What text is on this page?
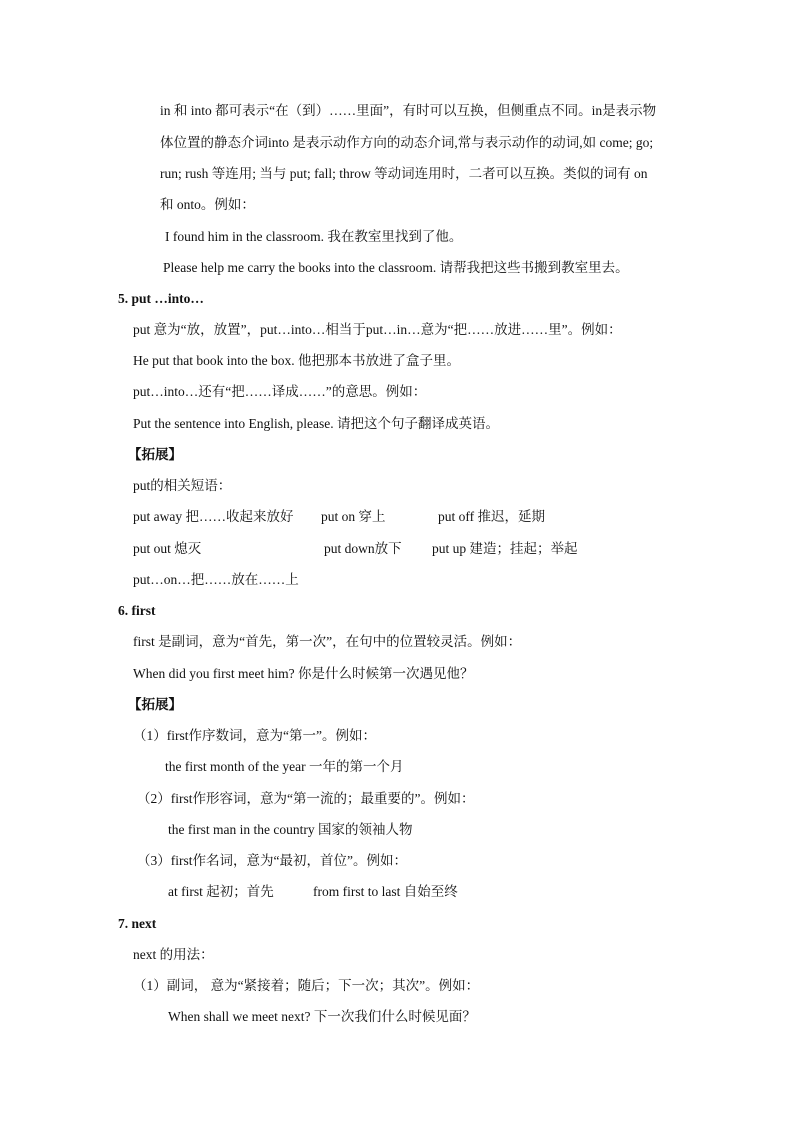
in 和 into 都可表示“在（到）……里面”，有时可以互换，但侧重点不同。in是表示物
体位置的静态介词into 是表示动作方向的动态介词,常与表示动作的动词,如 come; go;
run; rush 等连用; 当与 put; fall; throw 等动词连用时，二者可以互换。类似的词有 on
和 onto。例如：
I found him in the classroom. 我在教室里找到了他。
Please help me carry the books into the classroom. 请帮我把这些书搬到教室里去。
5. put …into…
put 意为“放，放置”，put…into…相当于put…in…意为“把……放进……里”。例如：
He put that book into the box. 他把那本书放进了盒子里。
put…into…还有“把……译成……”的意思。例如：
Put the sentence into English, please. 请把这个句子翻译成英语。
【拓展】
put的相关短语：
put away 把……收起来放好 put on 穿上	put off 推迟，延期
put out 熄灭	put down放下 put up 建造；挂起；举起
put…on…把……放在……上
6. first
first 是副词，意为“首先，第一次”，在句中的位置较灵活。例如：
When did you first meet him? 你是什么时候第一次遇见他？
【拓展】
（1）first作序数词，意为“第一”。例如：
the first month of the year 一年的第一个月
（2）first作形容词，意为“第一流的；最重要的”。例如：
the first man in the country 国家的领袖人物
（3）first作名词，意为“最初，首位”。例如：
at first 起初；首先	from first to last 自始至终
7. next
next 的用法：
（1）副词， 意为“紧接着；随后；下一次；其次”。例如：
When shall we meet next? 下一次我们什么时候见面？
